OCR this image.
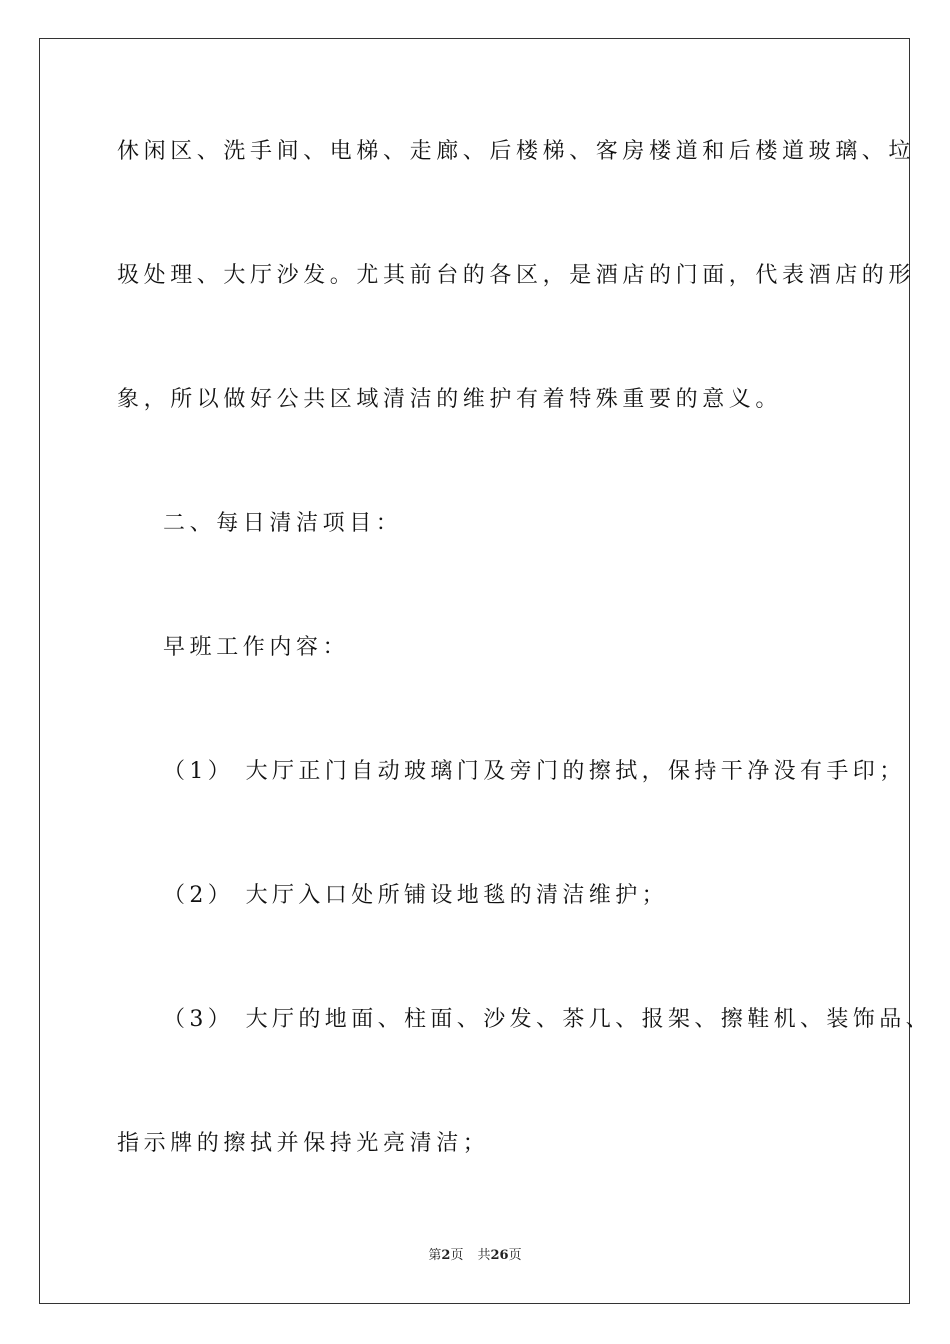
休闲区、洗手间、电梯、走廊、后楼梯、客房楼道和后楼道玻璃、垃

圾处理、大厅沙发。尤其前台的各区，是酒店的门面，代表酒店的形

象，所以做好公共区域清洁的维护有着特殊重要的意义。

二、每日清洁项目：

早班工作内容：

（1） 大厅正门自动玻璃门及旁门的擦拭，保持干净没有手印；

（2） 大厅入口处所铺设地毯的清洁维护；

（3） 大厅的地面、柱面、沙发、茶几、报架、擦鞋机、装饰品、

指示牌的擦拭并保持光亮清洁；

第2页 共26页
